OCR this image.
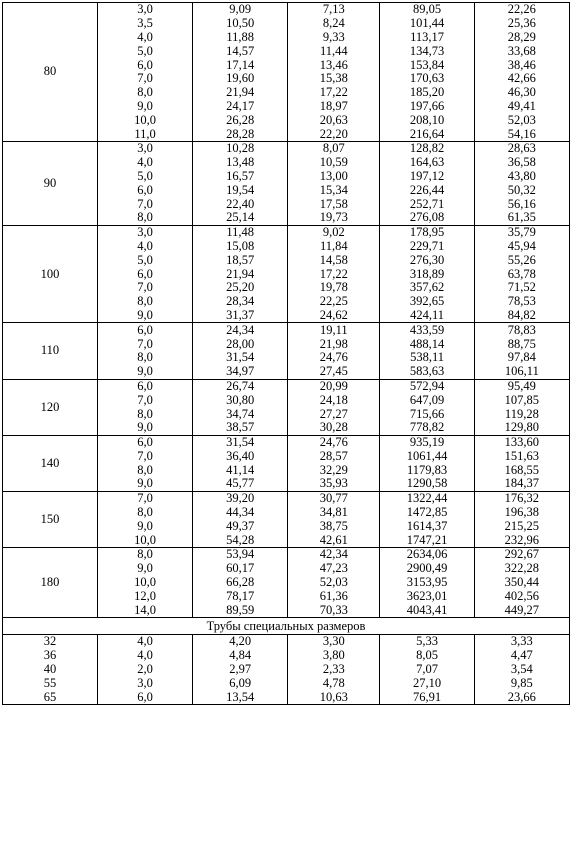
80	3,0	9,09	7,13	89,05	22,26
	3,5	10,50	8,24	101,44	25,36
	4,0	11,88	9,33	113,17	28,29
	5,0	14,57	11,44	134,73	33,68
	6,0	17,14	13,46	153,84	38,46
	7,0	19,60	15,38	170,63	42,66
	8,0	21,94	17,22	185,20	46,30
	9,0	24,17	18,97	197,66	49,41
	10,0	26,28	20,63	208,10	52,03
	11,0	28,28	22,20	216,64	54,16
90	3,0	10,28	8,07	128,82	28,63
	4,0	13,48	10,59	164,63	36,58
	5,0	16,57	13,00	197,12	43,80
	6,0	19,54	15,34	226,44	50,32
	7,0	22,40	17,58	252,71	56,16
	8,0	25,14	19,73	276,08	61,35
100	3,0	11,48	9,02	178,95	35,79
	4,0	15,08	11,84	229,71	45,94
	5,0	18,57	14,58	276,30	55,26
	6,0	21,94	17,22	318,89	63,78
	7,0	25,20	19,78	357,62	71,52
	8,0	28,34	22,25	392,65	78,53
	9,0	31,37	24,62	424,11	84,82
110	6,0	24,34	19,11	433,59	78,83
	7,0	28,00	21,98	488,14	88,75
	8,0	31,54	24,76	538,11	97,84
	9,0	34,97	27,45	583,63	106,11
120	6,0	26,74	20,99	572,94	95,49
	7,0	30,80	24,18	647,09	107,85
	8,0	34,74	27,27	715,66	119,28
	9,0	38,57	30,28	778,82	129,80
140	6,0	31,54	24,76	935,19	133,60
	7,0	36,40	28,57	1061,44	151,63
	8,0	41,14	32,29	1179,83	168,55
	9,0	45,77	35,93	1290,58	184,37
150	7,0	39,20	30,77	1322,44	176,32
	8,0	44,34	34,81	1472,85	196,38
	9,0	49,37	38,75	1614,37	215,25
	10,0	54,28	42,61	1747,21	232,96
180	8,0	53,94	42,34	2634,06	292,67
	9,0	60,17	47,23	2900,49	322,28
	10,0	66,28	52,03	3153,95	350,44
	12,0	78,17	61,36	3623,01	402,56
	14,0	89,59	70,33	4043,41	449,27
Трубы специальных размеров					
32	4,0	4,20	3,30	5,33	3,33
36	4,0	4,84	3,80	8,05	4,47
40	2,0	2,97	2,33	7,07	3,54
55	3,0	6,09	4,78	27,10	9,85
65	6,0	13,54	10,63	76,91	23,66
